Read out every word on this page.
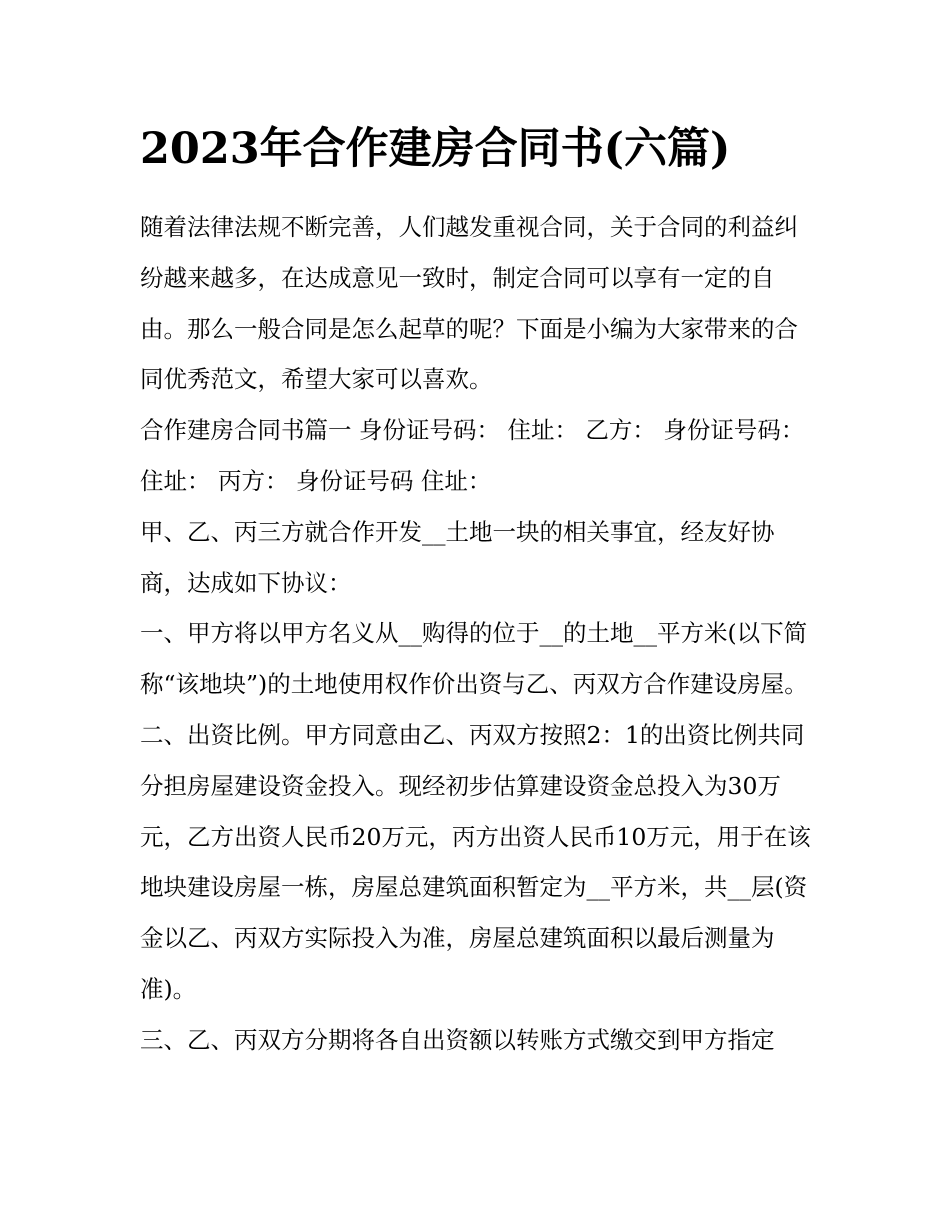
2023年合作建房合同书(六篇)

随着法律法规不断完善，人们越发重视合同，关于合同的利益纠纷越来越多，在达成意见一致时，制定合同可以享有一定的自由。那么一般合同是怎么起草的呢？下面是小编为大家带来的合同优秀范文，希望大家可以喜欢。

合作建房合同书篇一 身份证号码： 住址： 乙方： 身份证号码： 住址： 丙方： 身份证号码 住址：

甲、乙、丙三方就合作开发__土地一块的相关事宜，经友好协商，达成如下协议：

一、甲方将以甲方名义从__购得的位于__的土地__平方米(以下简称“该地块”)的土地使用权作价出资与乙、丙双方合作建设房屋。

二、出资比例。甲方同意由乙、丙双方按照2：1的出资比例共同分担房屋建设资金投入。现经初步估算建设资金总投入为30万元，乙方出资人民币20万元，丙方出资人民币10万元，用于在该地块建设房屋一栋，房屋总建筑面积暂定为__平方米，共__层(资金以乙、丙双方实际投入为准，房屋总建筑面积以最后测量为准)。

三、乙、丙双方分期将各自出资额以转账方式缴交到甲方指定
